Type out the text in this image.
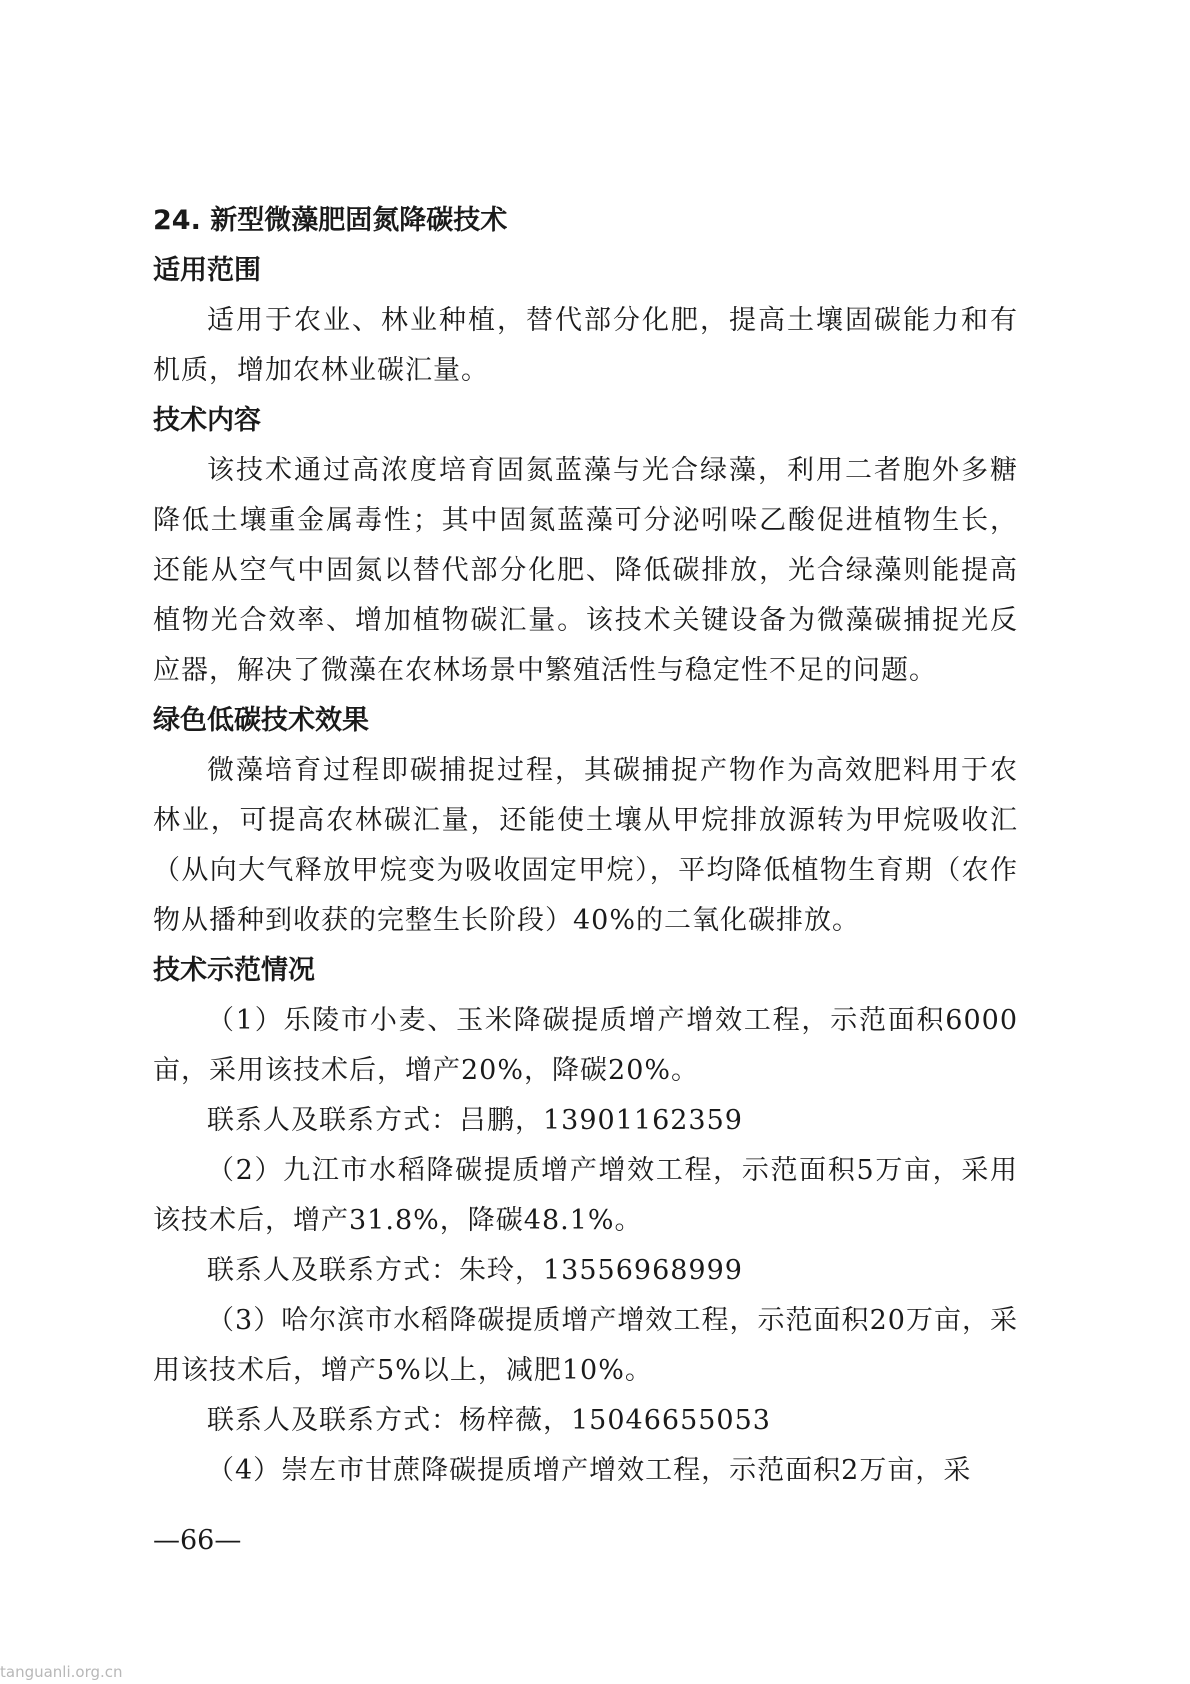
24. 新型微藻肥固氮降碳技术
适用范围

适用于农业、林业种植，替代部分化肥，提高土壤固碳能力和有机质，增加农林业碳汇量。

技术内容

该技术通过高浓度培育固氮蓝藻与光合绿藻，利用二者胞外多糖降低土壤重金属毒性；其中固氮蓝藻可分泌吲哚乙酸促进植物生长，还能从空气中固氮以替代部分化肥、降低碳排放，光合绿藻则能提高植物光合效率、增加植物碳汇量。该技术关键设备为微藻碳捕捉光反应器，解决了微藻在农林场景中繁殖活性与稳定性不足的问题。

绿色低碳技术效果

微藻培育过程即碳捕捉过程，其碳捕捉产物作为高效肥料用于农林业，可提高农林碳汇量，还能使土壤从甲烷排放源转为甲烷吸收汇（从向大气释放甲烷变为吸收固定甲烷），平均降低植物生育期（农作物从播种到收获的完整生长阶段）40%的二氧化碳排放。

技术示范情况

（1）乐陵市小麦、玉米降碳提质增产增效工程，示范面积6000亩，采用该技术后，增产20%，降碳20%。

联系人及联系方式：吕鹏，13901162359

（2）九江市水稻降碳提质增产增效工程，示范面积5万亩，采用该技术后，增产31.8%，降碳48.1%。

联系人及联系方式：朱玲，13556968999

（3）哈尔滨市水稻降碳提质增产增效工程，示范面积20万亩，采用该技术后，增产5%以上，减肥10%。

联系人及联系方式：杨梓薇，15046655053

（4）崇左市甘蔗降碳提质增产增效工程，示范面积2万亩，采

—66—
tanguanli.org.cn
